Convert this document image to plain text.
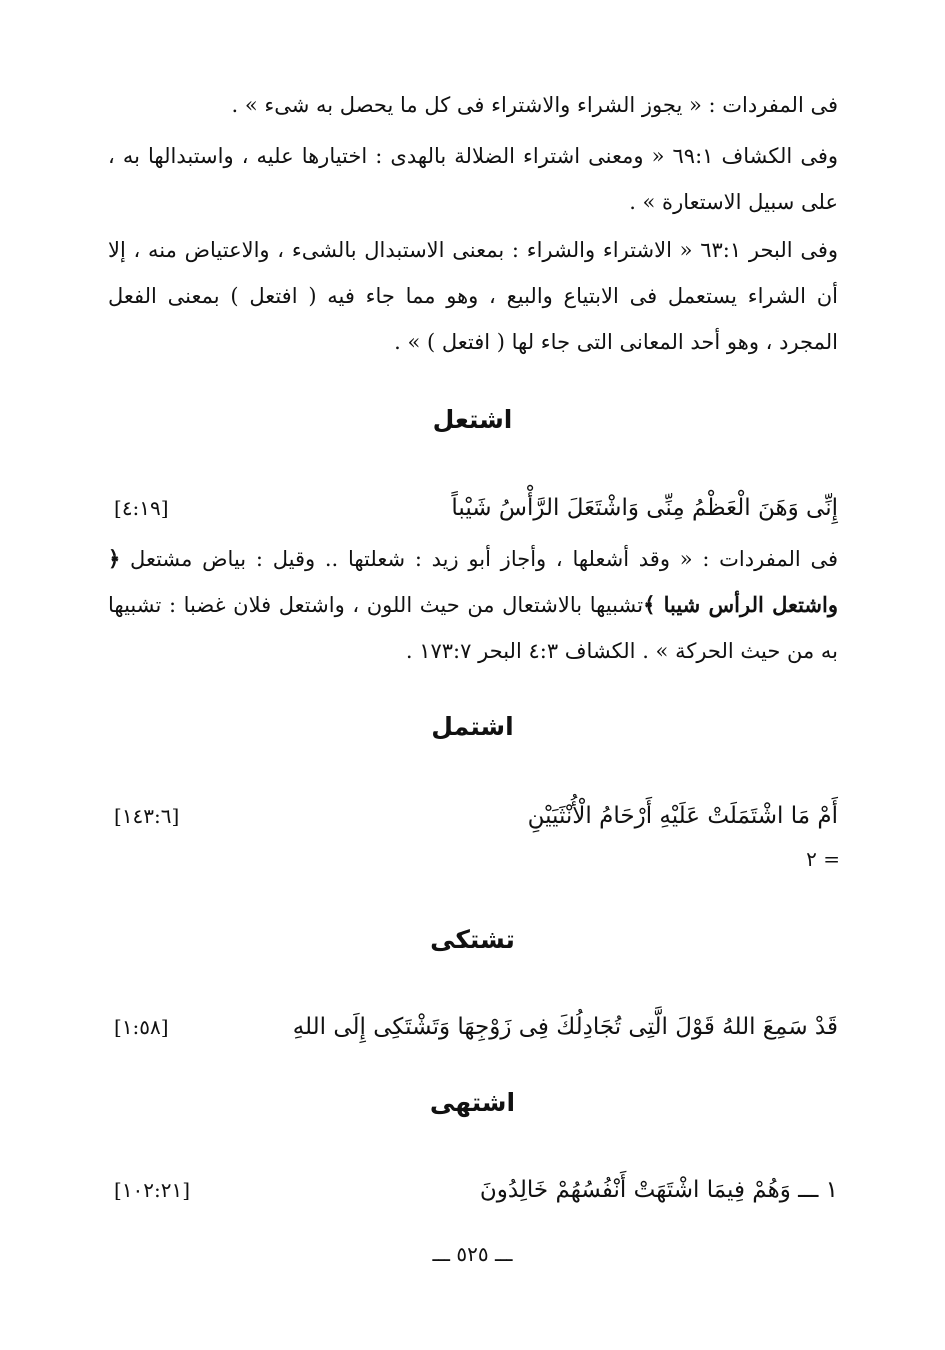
فى المفردات : « يجوز الشراء والاشتراء فى كل ما يحصل به شىء » .

وفى الكشاف ٦٩:١ « ومعنى اشتراء الضلالة بالهدى : اختيارها عليه ، واستبدالها به ، على سبيل الاستعارة » .

وفى البحر ٦٣:١ « الاشتراء والشراء : بمعنى الاستبدال بالشىء ، والاعتياض منه ، إلا أن الشراء يستعمل فى الابتياع والبيع ، وهو مما جاء فيه ( افتعل ) بمعنى الفعل المجرد ، وهو أحد المعانى التى جاء لها ( افتعل ) » .

اشتعل
إِنِّى وَهَنَ الْعَظْمُ مِنِّى وَاشْتَعَلَ الرَّأْسُ شَيْباً
[٤:١٩]

فى المفردات : « وقد أشعلها ، وأجاز أبو زيد : شعلتها .. وقيل : بياض مشتعل ﴿ واشتعل الرأس شيبا ﴾تشبيها بالاشتعال من حيث اللون ، واشتعل فلان غضبا : تشبيها به من حيث الحركة » . الكشاف ٤:٣ البحر ١٧٣:٧ .

اشتمل
أَمْ مَا اشْتَمَلَتْ عَلَيْهِ أَرْحَامُ الْأُنْثَيَيْنِ
[١٤٣:٦]
= ٢
تشتكى
قَدْ سَمِعَ اللهُ قَوْلَ الَّتِى تُجَادِلُكَ فِى زَوْجِهَا وَتَشْتَكِى إِلَى اللهِ
[١:٥٨]
اشتهى
١ ـــ وَهُمْ فِيمَا اشْتَهَتْ أَنْفُسُهُمْ خَالِدُونَ
[١٠٢:٢١]
ـــ ٥٢٥ ـــ
